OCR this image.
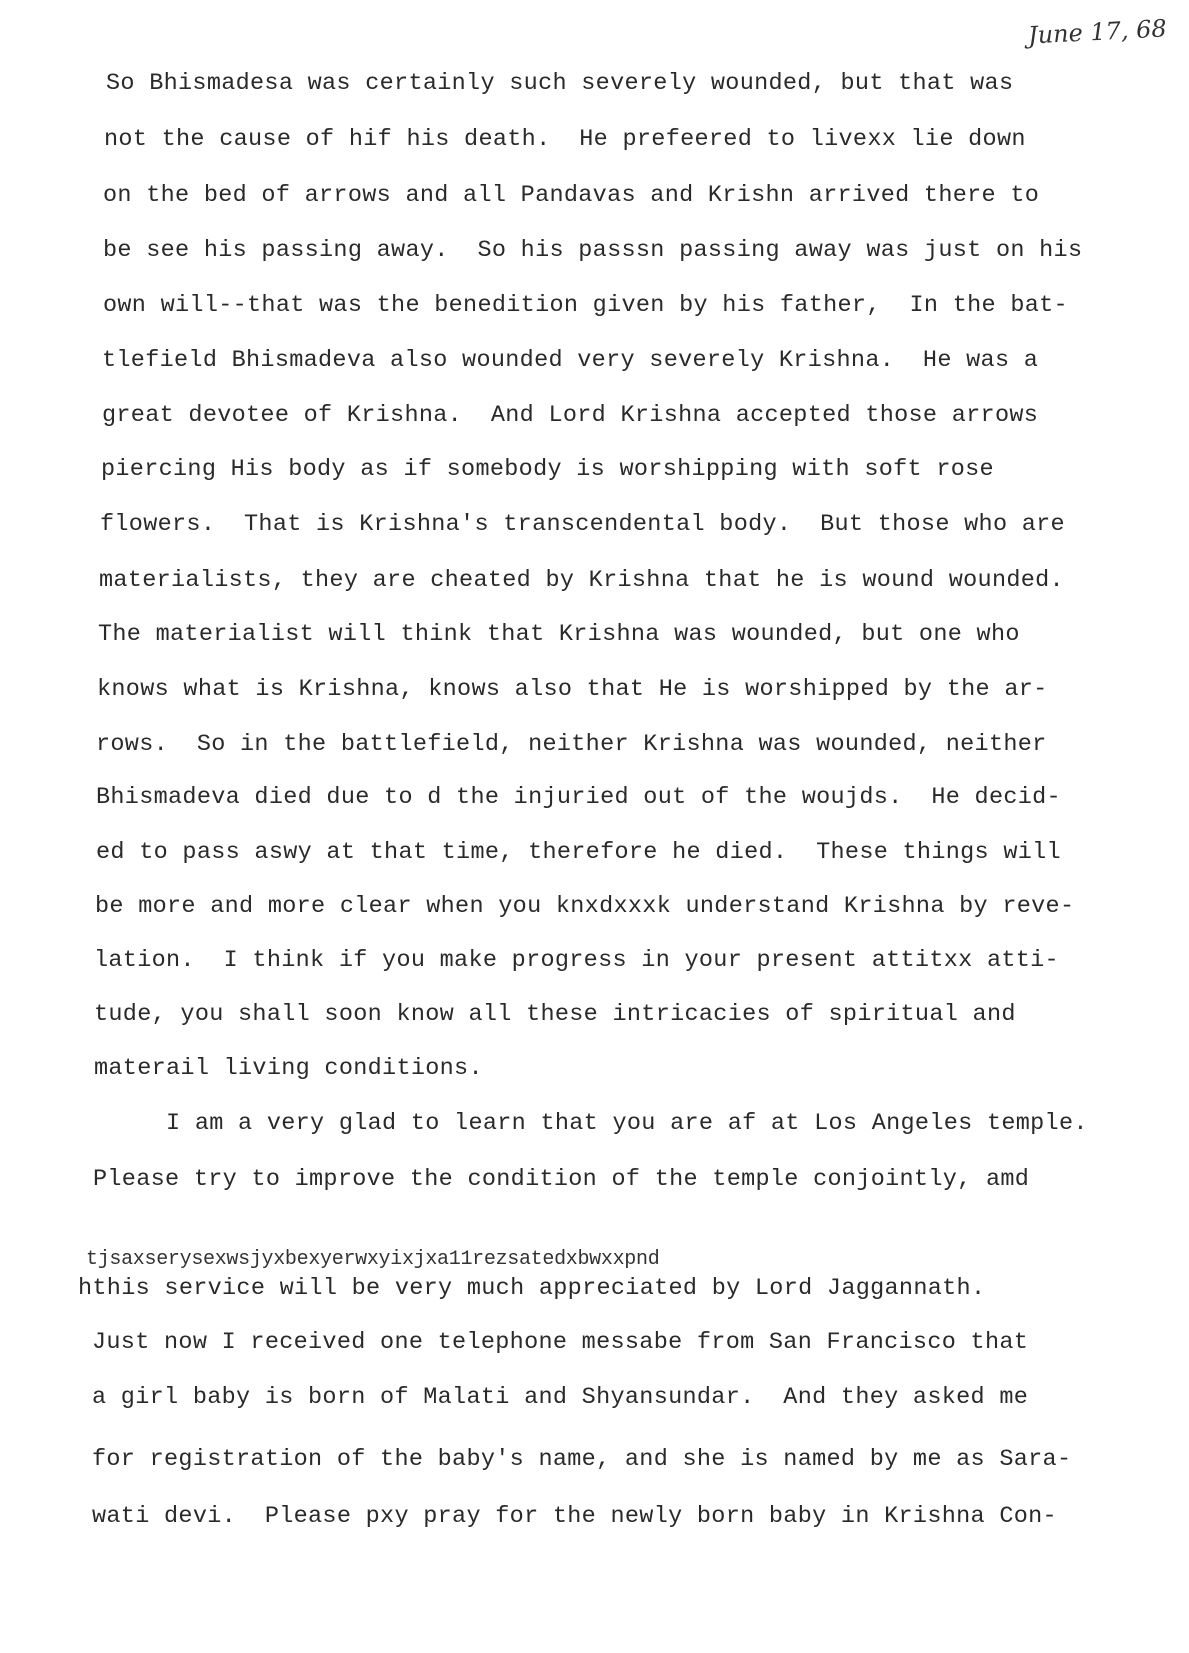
June 17, 68
So Bhismadesa was certainly such severely wounded, but that was
not the cause of hif his death.  He prefeered to livexx lie down
on the bed of arrows and all Pandavas and Krishn arrived there to
be see his passing away.  So his passsn passing away was just on his
own will--that was the benedition given by his father,  In the bat-
tlefield Bhismadeva also wounded very severely Krishna.  He was a
great devotee of Krishna.  And Lord Krishna accepted those arrows
piercing His body as if somebody is worshipping with soft rose
flowers.  That is Krishna's transcendental body.  But those who are
materialists, they are cheated by Krishna that he is wound wounded.
The materialist will think that Krishna was wounded, but one who
knows what is Krishna, knows also that He is worshipped by the ar-
rows.  So in the battlefield, neither Krishna was wounded, neither
Bhismadeva died due to d the injuried out of the woujds.  He decid-
ed to pass aswy at that time, therefore he died.  These things will
be more and more clear when you knxdxxxk understand Krishna by reve-
lation.  I think if you make progress in your present attitxx atti-
tude, you shall soon know all these intricacies of spiritual and
materail living conditions.
I am a very glad to learn that you are af at Los Angeles temple.
Please try to improve the condition of the temple conjointly, amd
tjsaxserysexwsjyxbexyerwxyixjxa11rezsatedxbwxxpnd
hthis service will be very much appreciated by Lord Jaggannath.
Just now I received one telephone messabe from San Francisco that
a girl baby is born of Malati and Shyansundar.  And they asked me
for registration of the baby's name, and she is named by me as Sara-
wati devi.  Please pxy pray for the newly born baby in Krishna Con-
